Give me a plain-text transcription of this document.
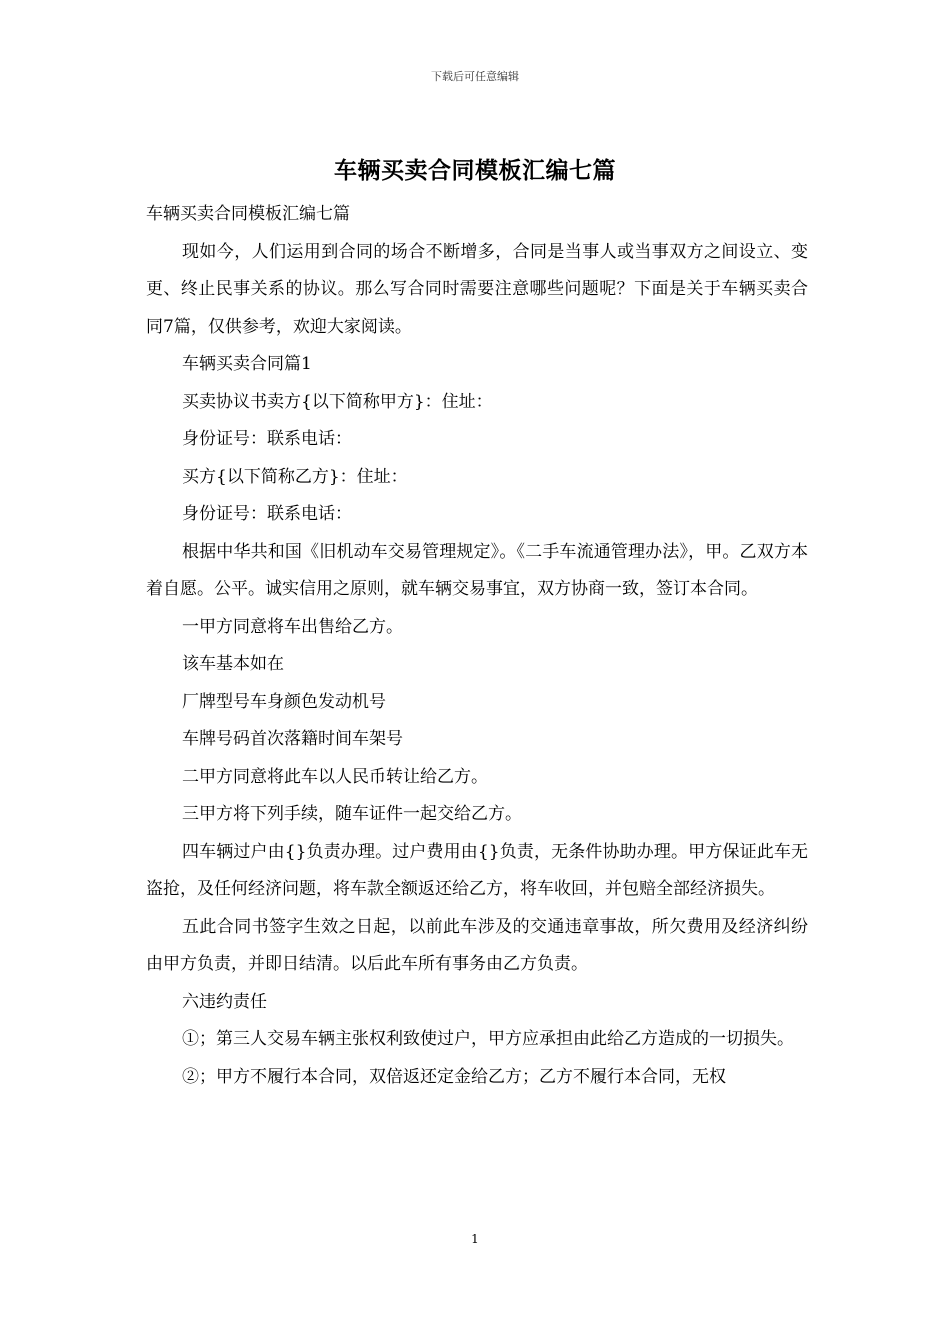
下载后可任意编辑
车辆买卖合同模板汇编七篇

车辆买卖合同模板汇编七篇

现如今，人们运用到合同的场合不断增多，合同是当事人或当事双方之间设立、变更、终止民事关系的协议。那么写合同时需要注意哪些问题呢？下面是关于车辆买卖合同7篇，仅供参考，欢迎大家阅读。

车辆买卖合同篇1

买卖协议书卖方{以下简称甲方}：住址：

身份证号：联系电话：

买方{以下简称乙方}：住址：

身份证号：联系电话：

根据中华共和国《旧机动车交易管理规定》。《二手车流通管理办法》，甲。乙双方本着自愿。公平。诚实信用之原则，就车辆交易事宜，双方协商一致，签订本合同。

一甲方同意将车出售给乙方。

该车基本如在

厂牌型号车身颜色发动机号

车牌号码首次落籍时间车架号

二甲方同意将此车以人民币转让给乙方。

三甲方将下列手续，随车证件一起交给乙方。

四车辆过户由{}负责办理。过户费用由{}负责，无条件协助办理。甲方保证此车无盗抢，及任何经济问题，将车款全额返还给乙方，将车收回，并包赔全部经济损失。

五此合同书签字生效之日起，以前此车涉及的交通违章事故，所欠费用及经济纠纷由甲方负责，并即日结清。以后此车所有事务由乙方负责。

六违约责任

①；第三人交易车辆主张权利致使过户，甲方应承担由此给乙方造成的一切损失。

②；甲方不履行本合同，双倍返还定金给乙方；乙方不履行本合同，无权

1
